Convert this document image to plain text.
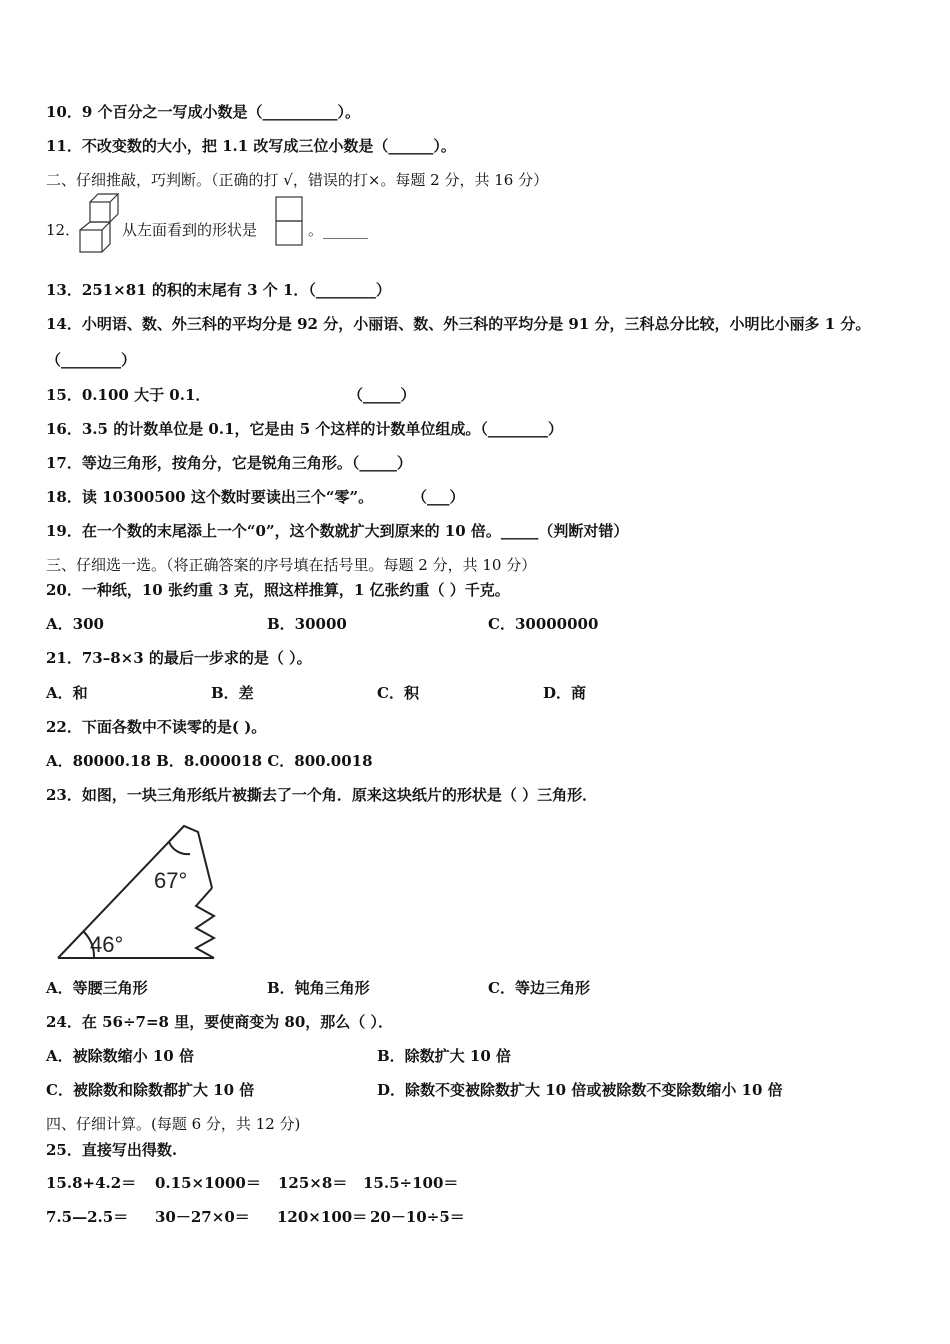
10．9 个百分之一写成小数是（__________）。
11．不改变数的大小，把 1.1 改写成三位小数是（______）。
二、仔细推敲，巧判断。（正确的打 √，错误的打×。每题 2 分，共 16 分）
12．	从左面看到的形状是	。______
13．251×81 的积的末尾有 3 个 1．（________）
14．小明语、数、外三科的平均分是 92 分，小丽语、数、外三科的平均分是 91 分，三科总分比较，小明比小丽多 1 分。
（________）
15．0.100 大于 0.1．	（_____）
16．3.5 的计数单位是 0.1，它是由 5 个这样的计数单位组成。（________）
17．等边三角形，按角分，它是锐角三角形。（_____）
18．读 10300500 这个数时要读出三个“零”。	（___）
19．在一个数的末尾添上一个“0”，这个数就扩大到原来的 10 倍。_____（判断对错）
三、仔细选一选。（将正确答案的序号填在括号里。每题 2 分，共 10 分）
20．一种纸，10 张约重 3 克，照这样推算，1 亿张约重（ ）千克。
A．300	B．30000	C．30000000
21．73–8×3 的最后一步求的是（ ）。
A．和	B．差	C．积	D．商
22．下面各数中不读零的是( )。
A．80000.18 B．8.000018 C．800.0018
23．如图，一块三角形纸片被撕去了一个角．原来这块纸片的形状是（ ）三角形．
67°
46°
A．等腰三角形	B．钝角三角形	C．等边三角形
24．在 56÷7=8 里，要使商变为 80，那么（ ）．
A．被除数缩小 10 倍	B．除数扩大 10 倍
C．被除数和除数都扩大 10 倍	D．除数不变被除数扩大 10 倍或被除数不变除数缩小 10 倍
四、仔细计算。(每题 6 分，共 12 分)
25．直接写出得数.
15.8+4.2＝ 0.15×1000＝ 125×8＝ 15.5÷100＝
7.5—2.5＝ 30－27×0＝ 120×100＝ 20－10÷5＝
